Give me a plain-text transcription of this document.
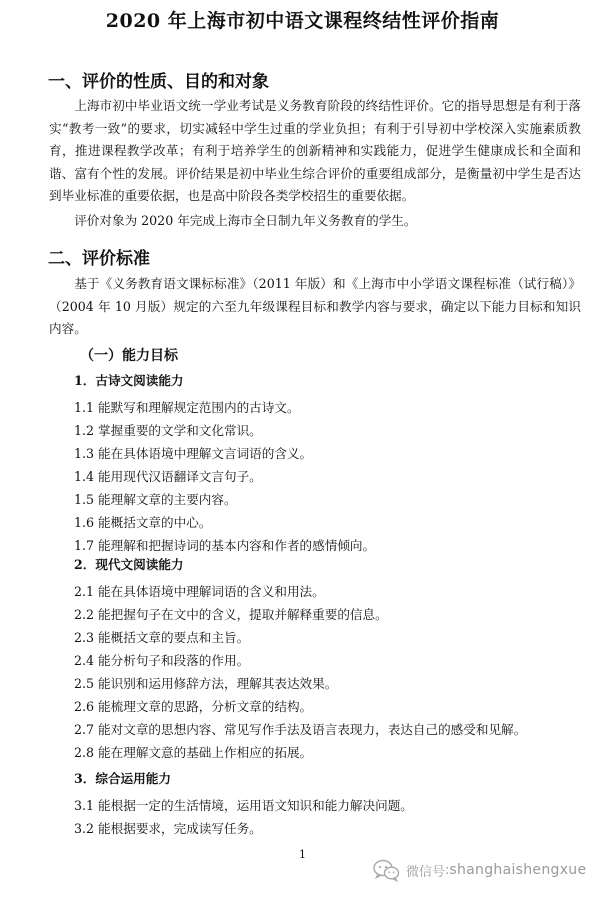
2020 年上海市初中语文课程终结性评价指南
一、评价的性质、目的和对象
上海市初中毕业语文统一学业考试是义务教育阶段的终结性评价。它的指导思想是有利于落实“教考一致”的要求，切实减轻中学生过重的学业负担；有利于引导初中学校深入实施素质教育，推进课程教学改革；有利于培养学生的创新精神和实践能力，促进学生健康成长和全面和谐、富有个性的发展。评价结果是初中毕业生综合评价的重要组成部分，是衡量初中学生是否达到毕业标准的重要依据，也是高中阶段各类学校招生的重要依据。
评价对象为 2020 年完成上海市全日制九年义务教育的学生。
二、评价标准
基于《义务教育语文课标标准》（2011 年版）和《上海市中小学语文课程标准（试行稿）》（2004 年 10 月版）规定的六至九年级课程目标和教学内容与要求，确定以下能力目标和知识内容。
（一）能力目标
1．古诗文阅读能力
1.1 能默写和理解规定范围内的古诗文。
1.2 掌握重要的文学和文化常识。
1.3 能在具体语境中理解文言词语的含义。
1.4 能用现代汉语翻译文言句子。
1.5 能理解文章的主要内容。
1.6 能概括文章的中心。
1.7 能理解和把握诗词的基本内容和作者的感情倾向。
2．现代文阅读能力
2.1 能在具体语境中理解词语的含义和用法。
2.2 能把握句子在文中的含义，提取并解释重要的信息。
2.3 能概括文章的要点和主旨。
2.4 能分析句子和段落的作用。
2.5 能识别和运用修辞方法，理解其表达效果。
2.6 能梳理文章的思路，分析文章的结构。
2.7 能对文章的思想内容、常见写作手法及语言表现力，表达自己的感受和见解。
2.8 能在理解文意的基础上作相应的拓展。
3．综合运用能力
3.1 能根据一定的生活情境，运用语文知识和能力解决问题。
3.2 能根据要求，完成读写任务。
1
微信号 : shanghaishengxue
